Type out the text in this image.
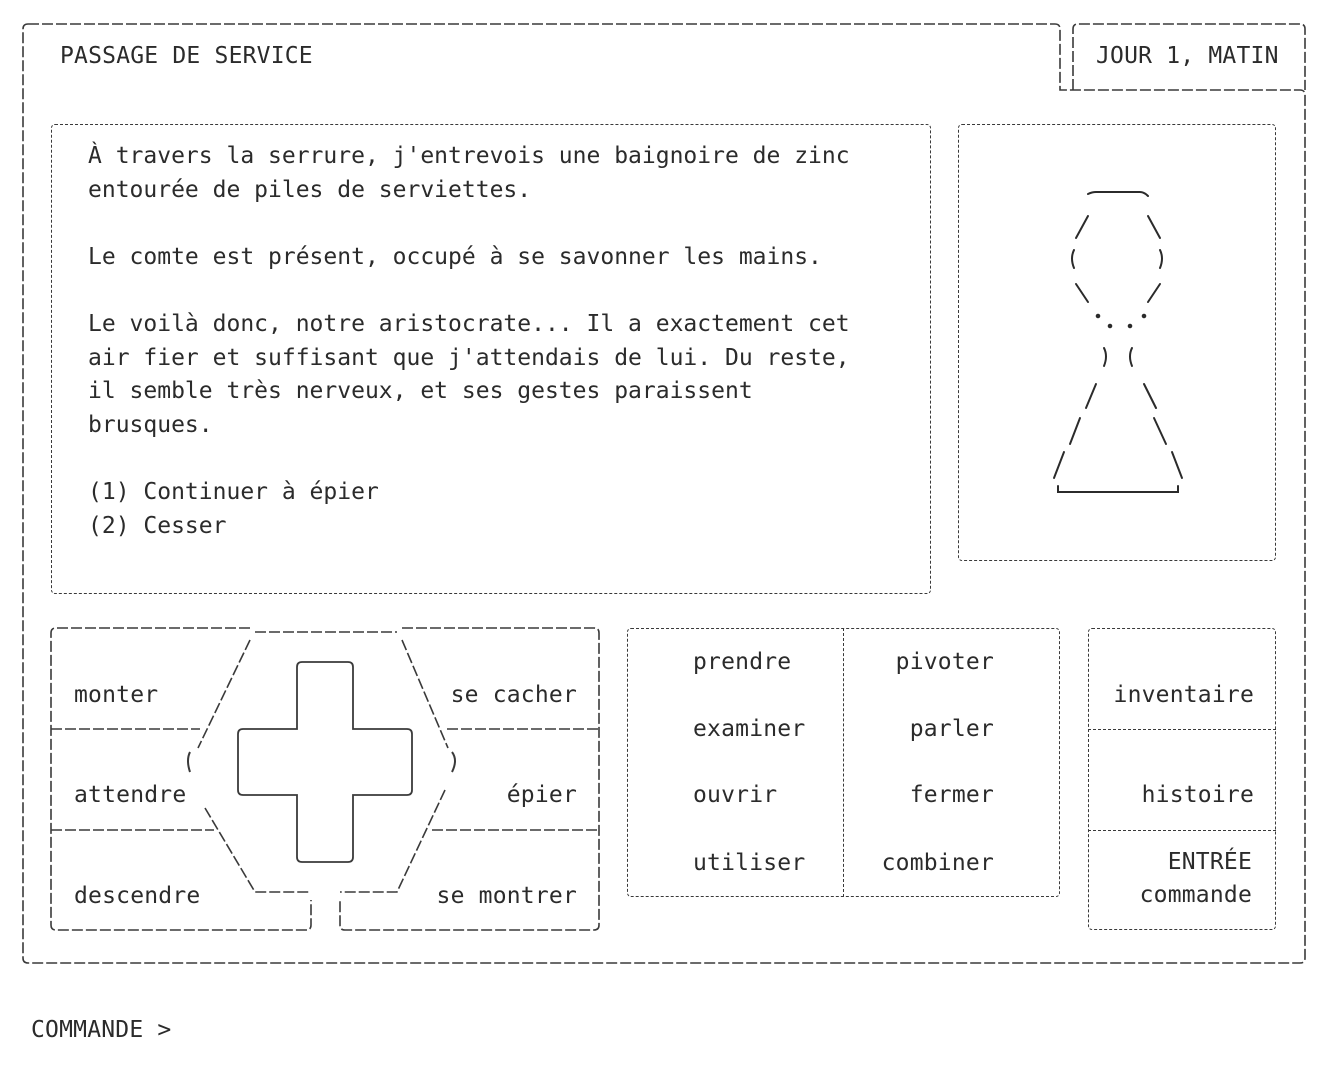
PASSAGE DE SERVICE	JOUR 1, MATIN

À travers la serrure, j'entrevois une baignoire de zinc
entourée de piles de serviettes.

Le comte est présent, occupé à se savonner les mains.

Le voilà donc, notre aristocrate... Il a exactement cet
air fier et suffisant que j'attendais de lui. Du reste,
il semble très nerveux, et ses gestes paraissent
brusques.

(1) Continuer à épier

(2) Cesser

monter
attendre
descendre
se cacher
épier
se montrer
prendre
examiner
ouvrir
utiliser
pivoter
parler
fermer
combiner
inventaire
histoire
ENTRÉE
commande
COMMANDE >
